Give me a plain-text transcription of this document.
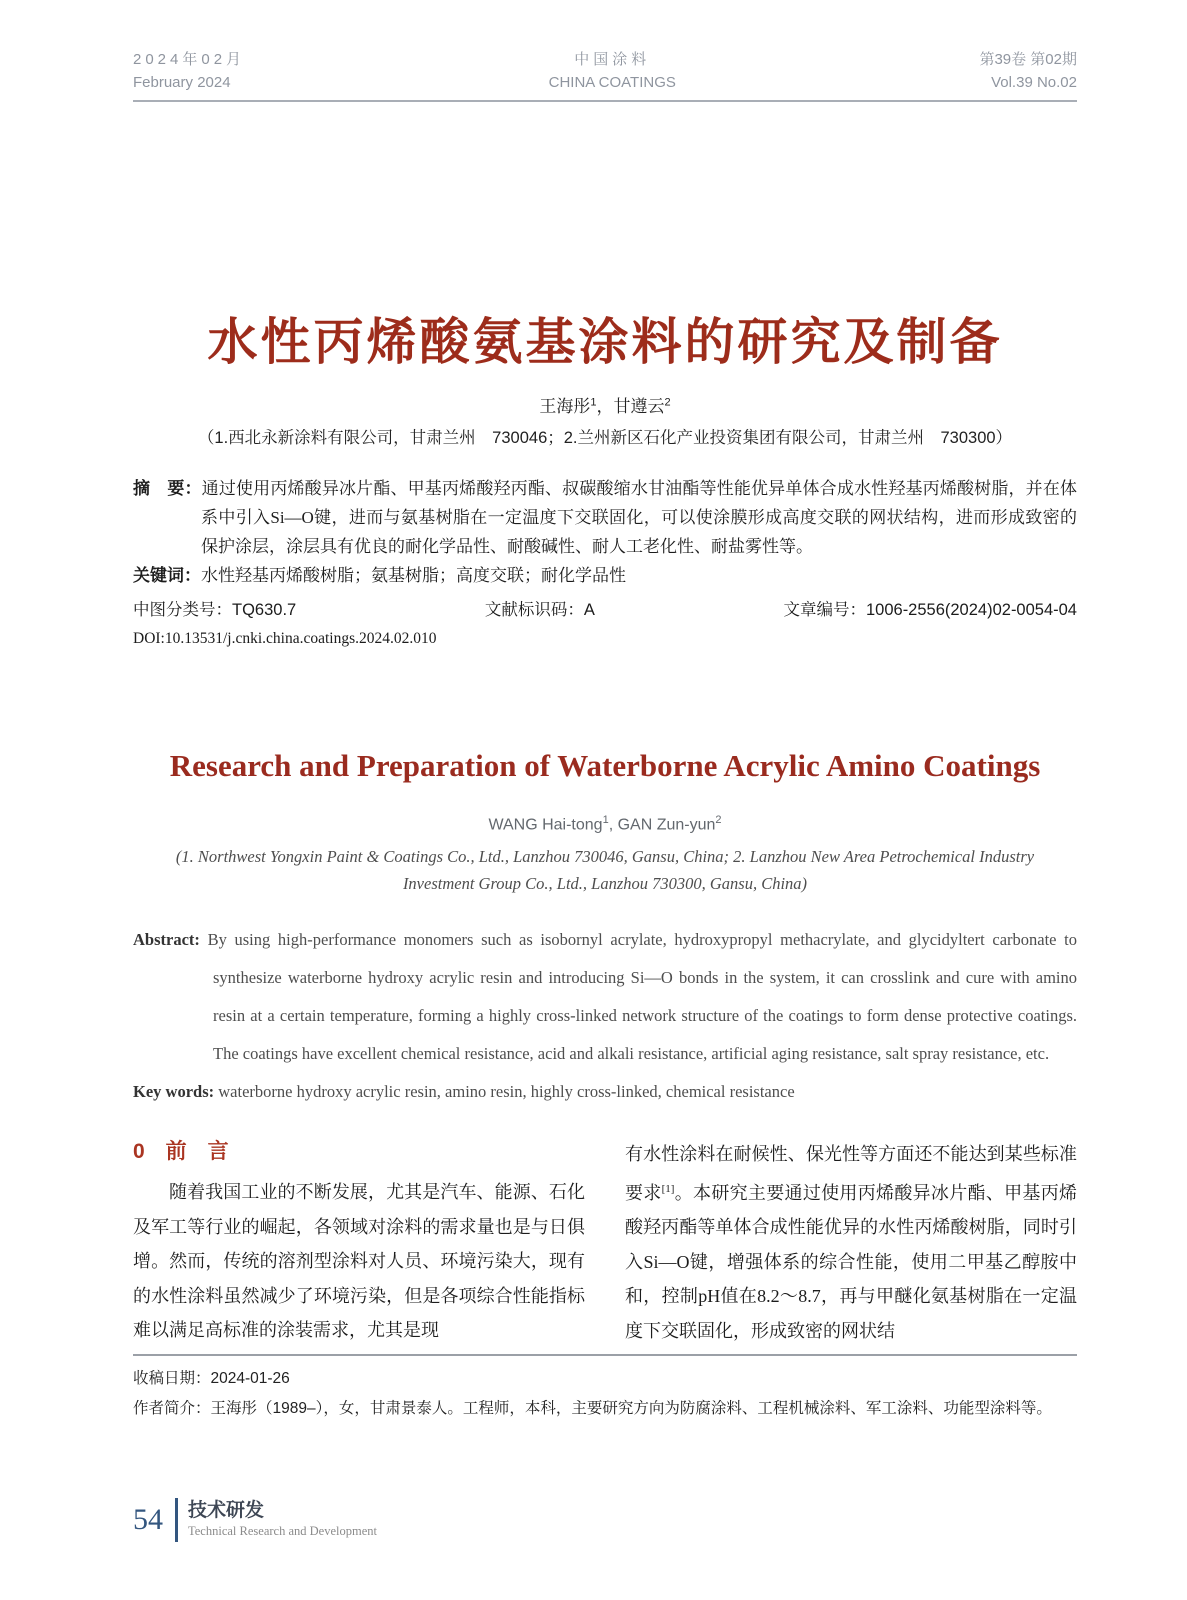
2024年02月
February 2024
中国涂料
CHINA COATINGS
第39卷 第02期
Vol.39 No.02
水性丙烯酸氨基涂料的研究及制备
王海彤$^1$，甘遵云$^2$
（1.西北永新涂料有限公司，甘肃兰州　730046；2.兰州新区石化产业投资集团有限公司，甘肃兰州　730300）
摘　要：通过使用丙烯酸异冰片酯、甲基丙烯酸羟丙酯、叔碳酸缩水甘油酯等性能优异单体合成水性羟基丙烯酸树脂，并在体系中引入Si—O键，进而与氨基树脂在一定温度下交联固化，可以使涂膜形成高度交联的网状结构，进而形成致密的保护涂层，涂层具有优良的耐化学品性、耐酸碱性、耐人工老化性、耐盐雾性等。
关键词：水性羟基丙烯酸树脂；氨基树脂；高度交联；耐化学品性
中图分类号：TQ630.7	文献标识码：A	文章编号：1006-2556(2024)02-0054-04
DOI:10.13531/j.cnki.china.coatings.2024.02.010
Research and Preparation of Waterborne Acrylic Amino Coatings
WANG Hai-tong$^1$, GAN Zun-yun$^2$
(1. Northwest Yongxin Paint & Coatings Co., Ltd., Lanzhou 730046, Gansu, China; 2. Lanzhou New Area Petrochemical Industry Investment Group Co., Ltd., Lanzhou 730300, Gansu, China)
Abstract: By using high-performance monomers such as isobornyl acrylate, hydroxypropyl methacrylate, and glycidyltert carbonate to synthesize waterborne hydroxy acrylic resin and introducing Si—O bonds in the system, it can crosslink and cure with amino resin at a certain temperature, forming a highly cross-linked network structure of the coatings to form dense protective coatings. The coatings have excellent chemical resistance, acid and alkali resistance, artificial aging resistance, salt spray resistance, etc.
Key words: waterborne hydroxy acrylic resin, amino resin, highly cross-linked, chemical resistance
0　前　言

随着我国工业的不断发展，尤其是汽车、能源、石化及军工等行业的崛起，各领域对涂料的需求量也是与日俱增。然而，传统的溶剂型涂料对人员、环境污染大，现有的水性涂料虽然减少了环境污染，但是各项综合性能指标难以满足高标准的涂装需求，尤其是现

有水性涂料在耐候性、保光性等方面还不能达到某些标准要求[1]。本研究主要通过使用丙烯酸异冰片酯、甲基丙烯酸羟丙酯等单体合成性能优异的水性丙烯酸树脂，同时引入Si—O键，增强体系的综合性能，使用二甲基乙醇胺中和，控制pH值在8.2～8.7，再与甲醚化氨基树脂在一定温度下交联固化，形成致密的网状结

收稿日期：2024-01-26
作者简介：王海彤（1989–），女，甘肃景泰人。工程师，本科，主要研究方向为防腐涂料、工程机械涂料、军工涂料、功能型涂料等。
54 技术研发
Technical Research and Development
